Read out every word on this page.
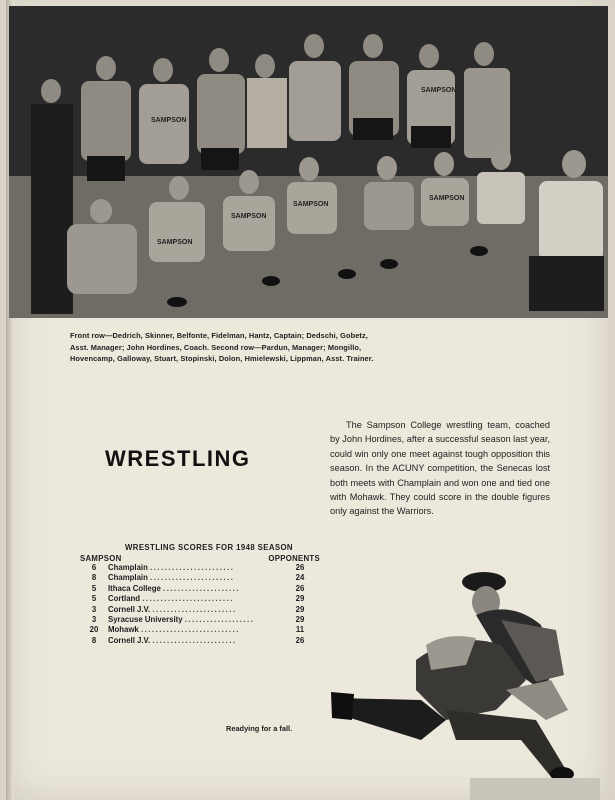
SAMPSON
SAMPSON
SAMPSON
SAMPSON
SAMPSON
SAMPSON
Front row—Dedrich, Skinner, Belfonte, Fidelman, Hantz, Captain; Dedschi, Gobetz, Asst. Manager; John Hordines, Coach. Second row—Pardun, Manager; Mongillo, Hovencamp, Galloway, Stuart, Stopinski, Dolon, Hmielewski, Lippman, Asst. Trainer.
WRESTLING
The Sampson College wrestling team, coached by John Hordines, after a successful season last year, could win only one meet against tough opposition this season. In the ACUNY competition, the Senecas lost both meets with Champlain and won one and tied one with Mohawk. They could score in the double figures only against the Warriors.
WRESTLING SCORES FOR 1948 SEASON
SAMPSON	OPPONENTS
6	Champlain .......................	26
8	Champlain .......................	24
5	Ithaca College .....................	26
5	Cortland .........................	29
3	Cornell J.V. .......................	29
3	Syracuse University ...................	29
20	Mohawk ...........................	11
8	Cornell J.V. .......................	26
Readying for a fall.
